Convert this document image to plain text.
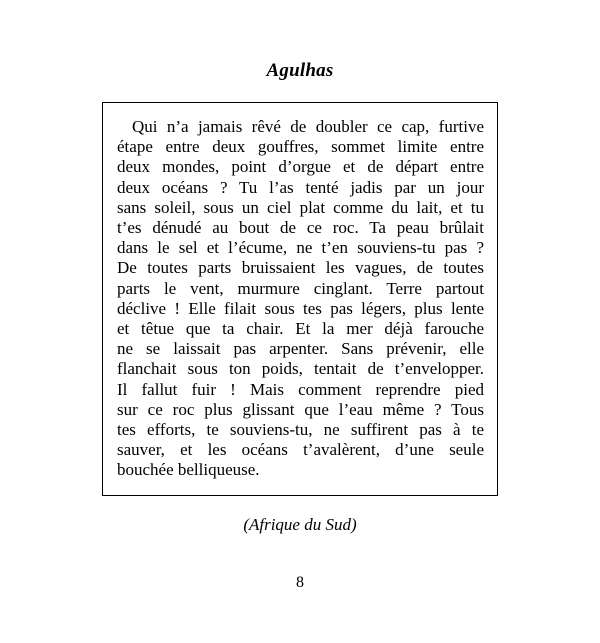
Agulhas
Qui n’a jamais rêvé de doubler ce cap, furtive
étape entre deux gouffres, sommet limite entre
deux mondes, point d’orgue et de départ entre
deux océans ? Tu l’as tenté jadis par un jour
sans soleil, sous un ciel plat comme du lait, et tu
t’es dénudé au bout de ce roc. Ta peau brûlait
dans le sel et l’écume, ne t’en souviens-tu pas ?
De toutes parts bruissaient les vagues, de toutes
parts le vent, murmure cinglant. Terre partout
déclive ! Elle filait sous tes pas légers, plus lente
et têtue que ta chair. Et la mer déjà farouche
ne se laissait pas arpenter. Sans prévenir, elle
flanchait sous ton poids, tentait de t’envelopper.
Il fallut fuir ! Mais comment reprendre pied
sur ce roc plus glissant que l’eau même ? Tous
tes efforts, te souviens-tu, ne suffirent pas à te
sauver, et les océans t’avalèrent, d’une seule
bouchée belliqueuse.
(Afrique du Sud)
8
